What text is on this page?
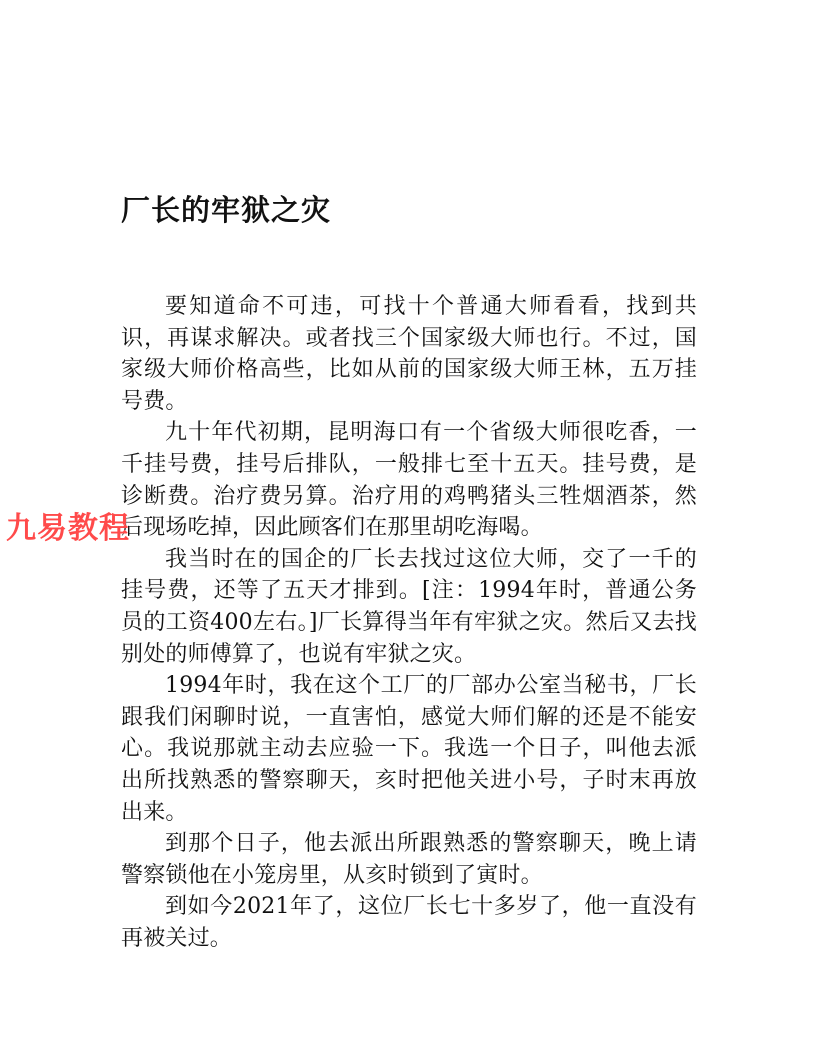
厂长的牢狱之灾

要知道命不可违，可找十个普通大师看看，找到共识，再谋求解决。或者找三个国家级大师也行。不过，国家级大师价格高些，比如从前的国家级大师王林，五万挂号费。

九十年代初期，昆明海口有一个省级大师很吃香，一千挂号费，挂号后排队，一般排七至十五天。挂号费，是诊断费。治疗费另算。治疗用的鸡鸭猪头三牲烟酒茶，然后现场吃掉，因此顾客们在那里胡吃海喝。

我当时在的国企的厂长去找过这位大师，交了一千的挂号费，还等了五天才排到。[注：1994年时，普通公务员的工资400左右。]厂长算得当年有牢狱之灾。然后又去找别处的师傅算了，也说有牢狱之灾。

1994年时，我在这个工厂的厂部办公室当秘书，厂长跟我们闲聊时说，一直害怕，感觉大师们解的还是不能安心。我说那就主动去应验一下。我选一个日子，叫他去派出所找熟悉的警察聊天，亥时把他关进小号，子时末再放出来。

到那个日子，他去派出所跟熟悉的警察聊天，晚上请警察锁他在小笼房里，从亥时锁到了寅时。

到如今2021年了，这位厂长七十多岁了，他一直没有再被关过。

九易教程
